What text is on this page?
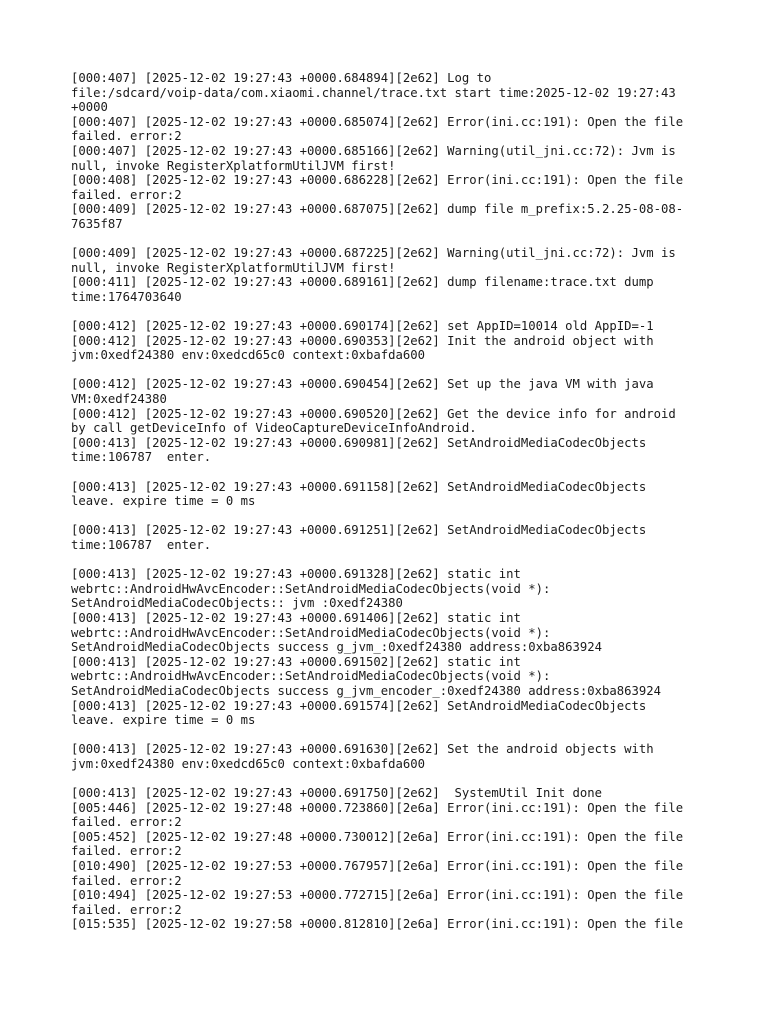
[000:407] [2025-12-02 19:27:43 +0000.684894][2e62] Log to
file:/sdcard/voip-data/com.xiaomi.channel/trace.txt start time:2025-12-02 19:27:43
+0000
[000:407] [2025-12-02 19:27:43 +0000.685074][2e62] Error(ini.cc:191): Open the file
failed. error:2
[000:407] [2025-12-02 19:27:43 +0000.685166][2e62] Warning(util_jni.cc:72): Jvm is
null, invoke RegisterXplatformUtilJVM first!
[000:408] [2025-12-02 19:27:43 +0000.686228][2e62] Error(ini.cc:191): Open the file
failed. error:2
[000:409] [2025-12-02 19:27:43 +0000.687075][2e62] dump file m_prefix:5.2.25-08-08-
7635f87
[000:409] [2025-12-02 19:27:43 +0000.687225][2e62] Warning(util_jni.cc:72): Jvm is
null, invoke RegisterXplatformUtilJVM first!
[000:411] [2025-12-02 19:27:43 +0000.689161][2e62] dump filename:trace.txt dump
time:1764703640
[000:412] [2025-12-02 19:27:43 +0000.690174][2e62] set AppID=10014 old AppID=-1
[000:412] [2025-12-02 19:27:43 +0000.690353][2e62] Init the android object with
jvm:0xedf24380 env:0xedcd65c0 context:0xbafda600
[000:412] [2025-12-02 19:27:43 +0000.690454][2e62] Set up the java VM with java
VM:0xedf24380
[000:412] [2025-12-02 19:27:43 +0000.690520][2e62] Get the device info for android
by call getDeviceInfo of VideoCaptureDeviceInfoAndroid.
[000:413] [2025-12-02 19:27:43 +0000.690981][2e62] SetAndroidMediaCodecObjects
time:106787  enter.
[000:413] [2025-12-02 19:27:43 +0000.691158][2e62] SetAndroidMediaCodecObjects
leave. expire time = 0 ms
[000:413] [2025-12-02 19:27:43 +0000.691251][2e62] SetAndroidMediaCodecObjects
time:106787  enter.
[000:413] [2025-12-02 19:27:43 +0000.691328][2e62] static int
webrtc::AndroidHwAvcEncoder::SetAndroidMediaCodecObjects(void *):
SetAndroidMediaCodecObjects:: jvm :0xedf24380
[000:413] [2025-12-02 19:27:43 +0000.691406][2e62] static int
webrtc::AndroidHwAvcEncoder::SetAndroidMediaCodecObjects(void *):
SetAndroidMediaCodecObjects success g_jvm_:0xedf24380 address:0xba863924
[000:413] [2025-12-02 19:27:43 +0000.691502][2e62] static int
webrtc::AndroidHwAvcEncoder::SetAndroidMediaCodecObjects(void *):
SetAndroidMediaCodecObjects success g_jvm_encoder_:0xedf24380 address:0xba863924
[000:413] [2025-12-02 19:27:43 +0000.691574][2e62] SetAndroidMediaCodecObjects
leave. expire time = 0 ms
[000:413] [2025-12-02 19:27:43 +0000.691630][2e62] Set the android objects with
jvm:0xedf24380 env:0xedcd65c0 context:0xbafda600
[000:413] [2025-12-02 19:27:43 +0000.691750][2e62]  SystemUtil Init done
[005:446] [2025-12-02 19:27:48 +0000.723860][2e6a] Error(ini.cc:191): Open the file
failed. error:2
[005:452] [2025-12-02 19:27:48 +0000.730012][2e6a] Error(ini.cc:191): Open the file
failed. error:2
[010:490] [2025-12-02 19:27:53 +0000.767957][2e6a] Error(ini.cc:191): Open the file
failed. error:2
[010:494] [2025-12-02 19:27:53 +0000.772715][2e6a] Error(ini.cc:191): Open the file
failed. error:2
[015:535] [2025-12-02 19:27:58 +0000.812810][2e6a] Error(ini.cc:191): Open the file
